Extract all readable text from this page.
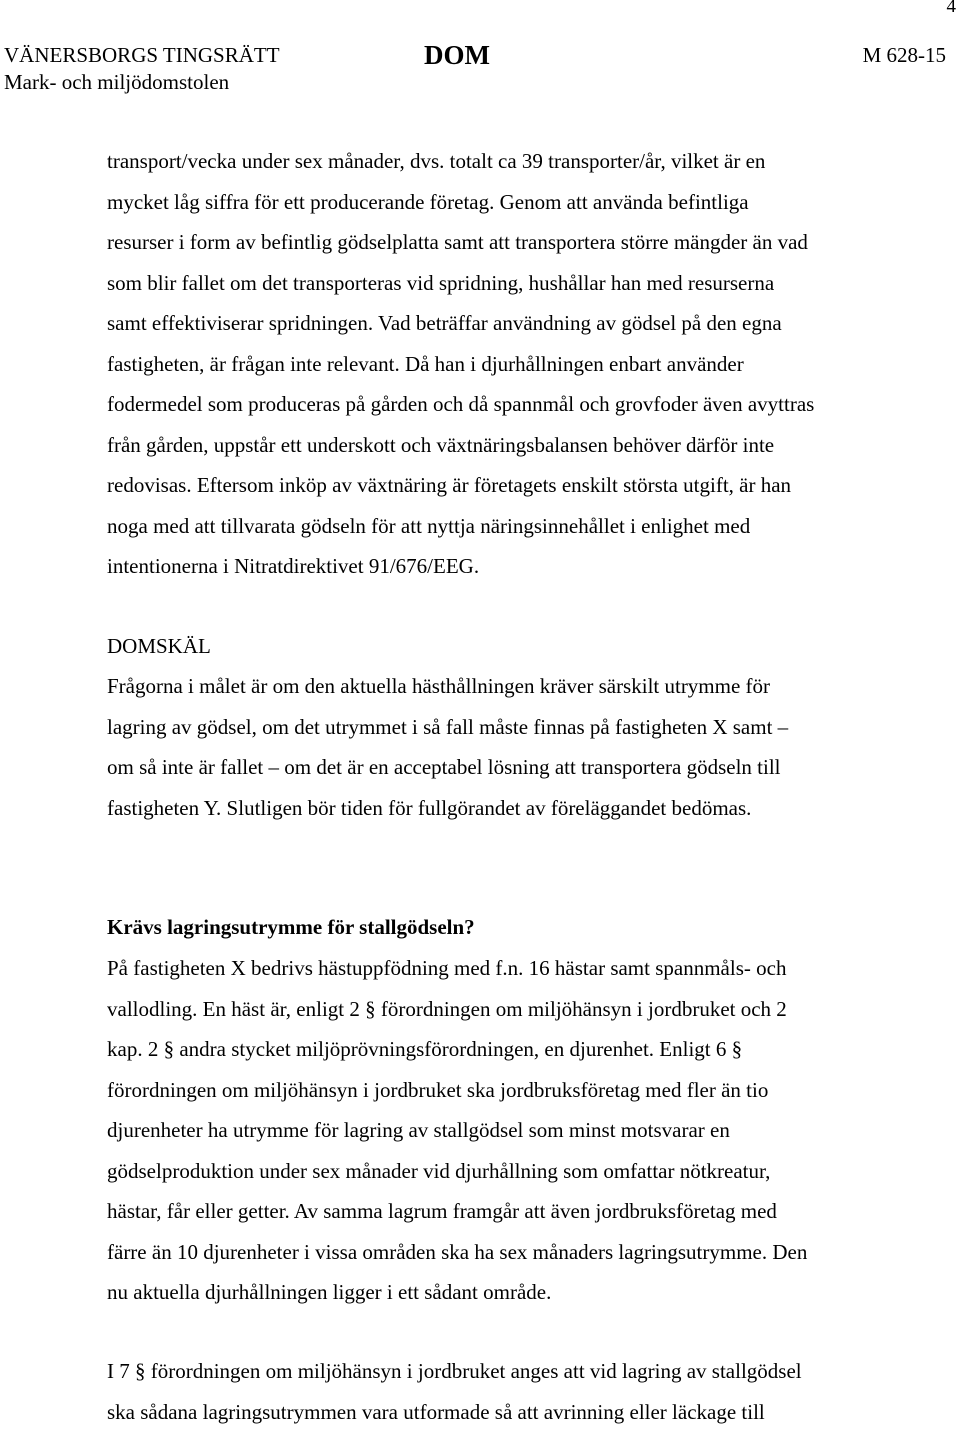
4
VÄNERSBORGS TINGSRÄTT	DOM	M 628-15
Mark- och miljödomstolen
transport/vecka under sex månader, dvs. totalt ca 39 transporter/år, vilket är en
mycket låg siffra för ett producerande företag. Genom att använda befintliga
resurser i form av befintlig gödselplatta samt att transportera större mängder än vad
som blir fallet om det transporteras vid spridning, hushållar han med resurserna
samt effektiviserar spridningen. Vad beträffar användning av gödsel på den egna
fastigheten, är frågan inte relevant. Då han i djurhållningen enbart använder
fodermedel som produceras på gården och då spannmål och grovfoder även avyttras
från gården, uppstår ett underskott och växtnäringsbalansen behöver därför inte
redovisas. Eftersom inköp av växtnäring är företagets enskilt största utgift, är han
noga med att tillvarata gödseln för att nyttja näringsinnehållet i enlighet med
intentionerna i Nitratdirektivet 91/676/EEG.
DOMSKÄL
Frågorna i målet är om den aktuella hästhållningen kräver särskilt utrymme för
lagring av gödsel, om det utrymmet i så fall måste finnas på fastigheten X samt –
om så inte är fallet – om det är en acceptabel lösning att transportera gödseln till
fastigheten Y. Slutligen bör tiden för fullgörandet av föreläggandet bedömas.
Krävs lagringsutrymme för stallgödseln?
På fastigheten X bedrivs hästuppfödning med f.n. 16 hästar samt spannmåls- och
vallodling. En häst är, enligt 2 § förordningen om miljöhänsyn i jordbruket och 2
kap. 2 § andra stycket miljöprövningsförordningen, en djurenhet. Enligt 6 §
förordningen om miljöhänsyn i jordbruket ska jordbruksföretag med fler än tio
djurenheter ha utrymme för lagring av stallgödsel som minst motsvarar en
gödselproduktion under sex månader vid djurhållning som omfattar nötkreatur,
hästar, får eller getter. Av samma lagrum framgår att även jordbruksföretag med
färre än 10 djurenheter i vissa områden ska ha sex månaders lagringsutrymme. Den
nu aktuella djurhållningen ligger i ett sådant område.
I 7 § förordningen om miljöhänsyn i jordbruket anges att vid lagring av stallgödsel
ska sådana lagringsutrymmen vara utformade så att avrinning eller läckage till
